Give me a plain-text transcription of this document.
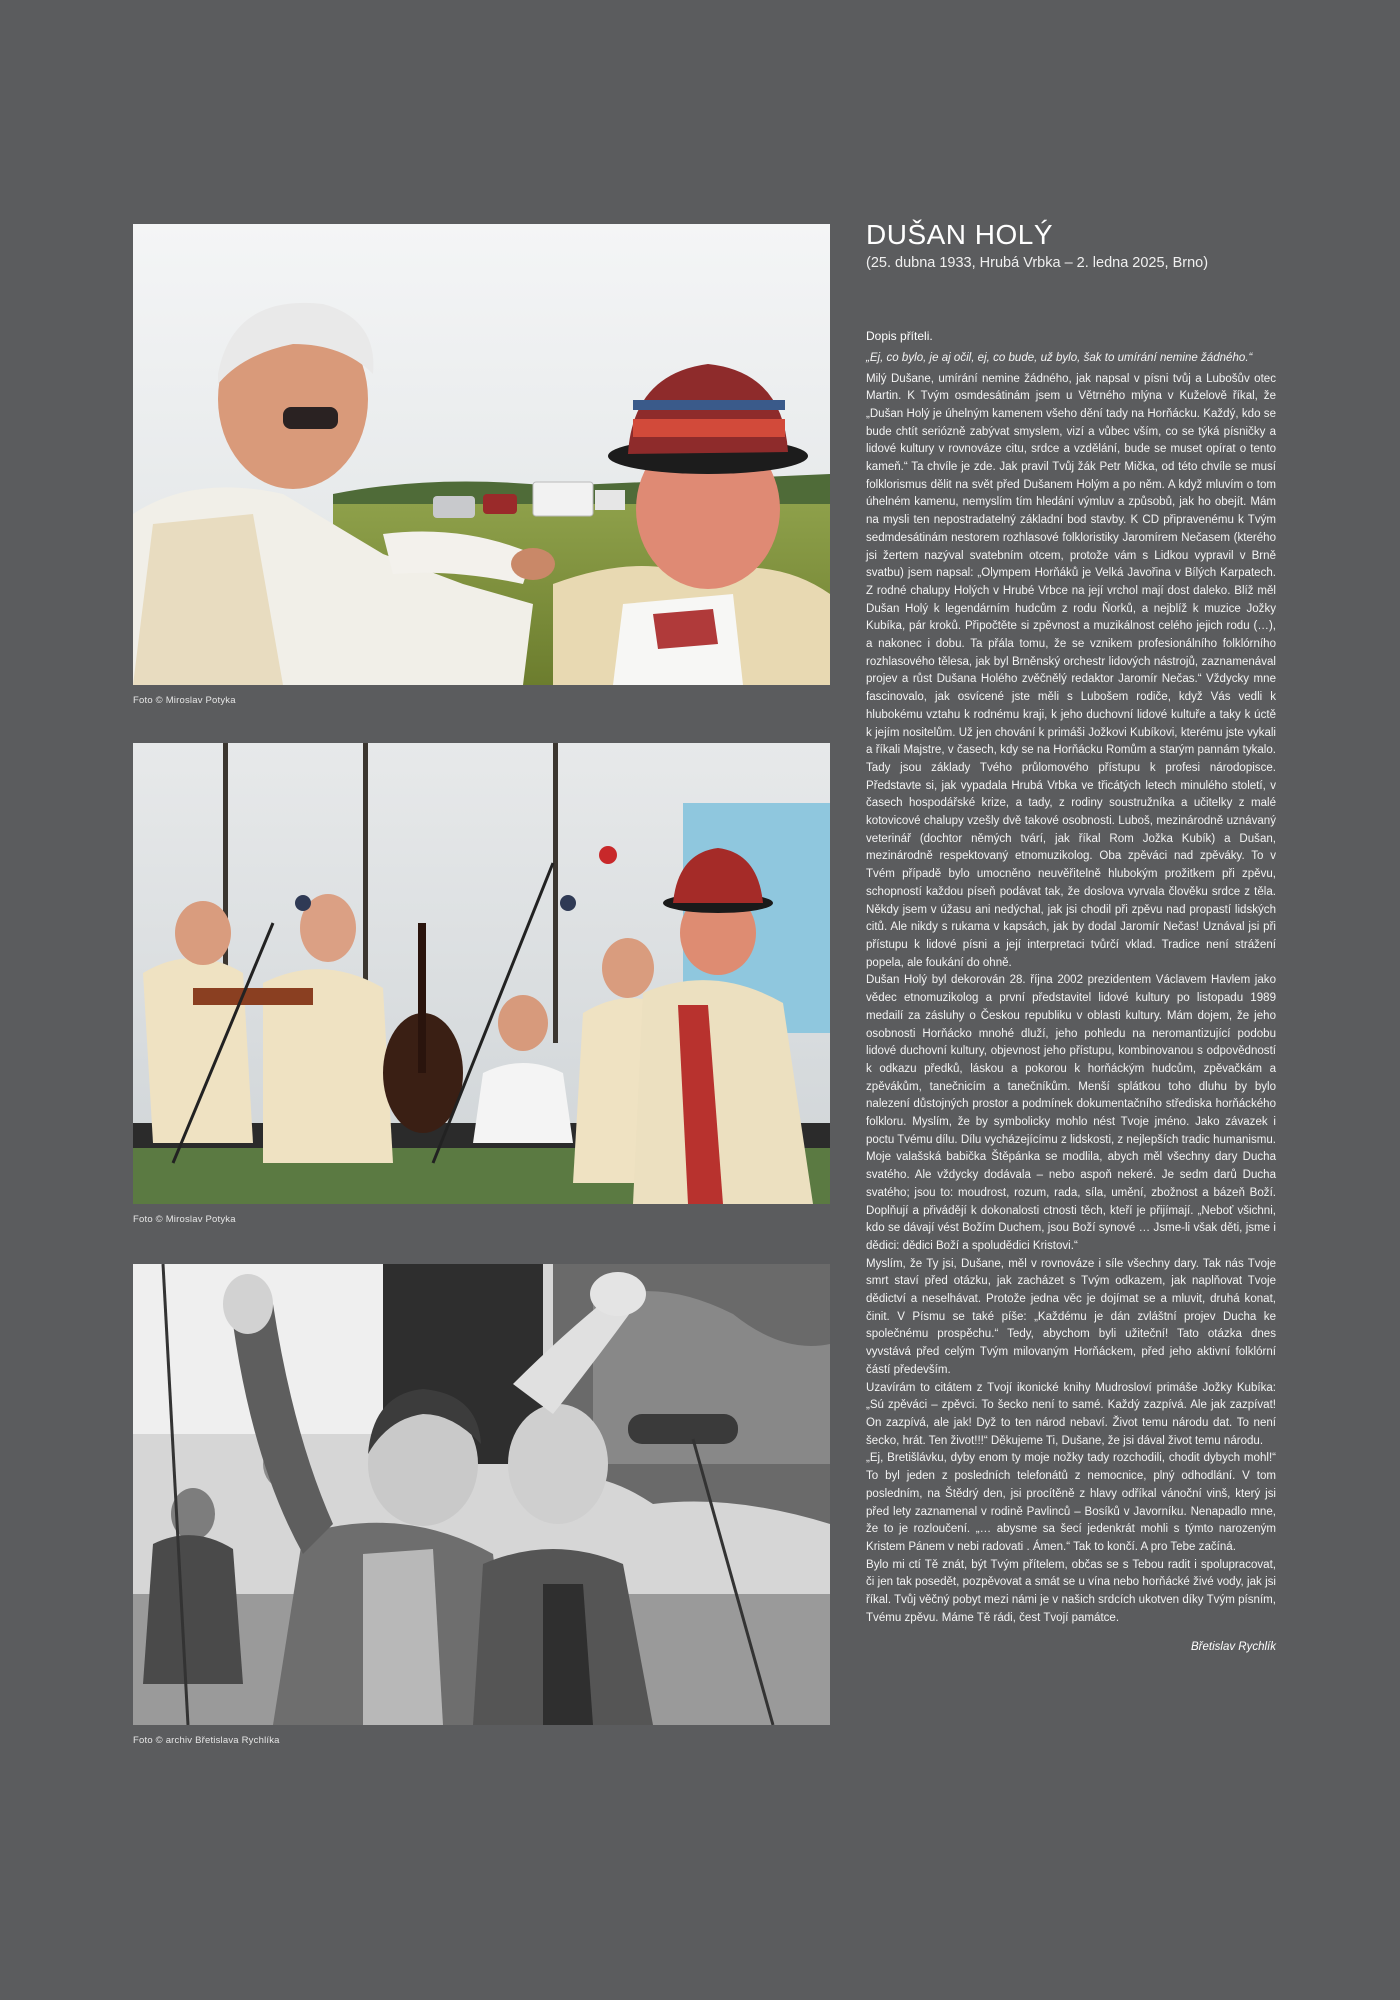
Foto © Miroslav Potyka
Foto © Miroslav Potyka
Foto © archiv Břetislava Rychlíka
DUŠAN HOLÝ
(25. dubna 1933, Hrubá Vrbka – 2. ledna 2025, Brno)
Dopis příteli.

„Ej, co bylo, je aj očil, ej, co bude, už bylo, šak to umírání nemine žádného.“

Milý Dušane, umírání nemine žádného, jak napsal v písni tvůj a Lubošův otec Martin. K Tvým osmdesátinám jsem u Větrného mlýna v Kuželově říkal, že „Dušan Holý je úhelným kamenem všeho dění tady na Horňácku. Každý, kdo se bude chtít seriózně zabývat smyslem, vizí a vůbec vším, co se týká písničky a lidové kultury v rovnováze citu, srdce a vzdělání, bude se muset opírat o tento kameň.“ Ta chvíle je zde. Jak pravil Tvůj žák Petr Mička, od této chvíle se musí folklorismus dělit na svět před Dušanem Holým a po něm. A když mluvím o tom úhelném kamenu, nemyslím tím hledání výmluv a způsobů, jak ho obejít. Mám na mysli ten nepostradatelný základní bod stavby. K CD připravenému k Tvým sedmdesátinám nestorem rozhlasové folkloristiky Jaromírem Nečasem (kterého jsi žertem nazýval svatebním otcem, protože vám s Lidkou vypravil v Brně svatbu) jsem napsal: „Olympem Horňáků je Velká Javořina v Bílých Karpatech. Z rodné chalupy Holých v Hrubé Vrbce na její vrchol mají dost daleko. Blíž měl Dušan Holý k legendárním hudcům z rodu Ňorků, a nejblíž k muzice Jožky Kubíka, pár kroků. Připočtěte si zpěvnost a muzikálnost celého jejich rodu (…), a nakonec i dobu. Ta přála tomu, že se vznikem profesionálního folklórního rozhlasového tělesa, jak byl Brněnský orchestr lidových nástrojů, zaznamenával projev a růst Dušana Holého zvěčnělý redaktor Jaromír Nečas.“ Vždycky mne fascinovalo, jak osvícené jste měli s Lubošem rodiče, když Vás vedli k hlubokému vztahu k rodnému kraji, k jeho duchovní lidové kultuře a taky k úctě k jejím nositelům. Už jen chování k primáši Jožkovi Kubíkovi, kterému jste vykali a říkali Majstre, v časech, kdy se na Horňácku Romům a starým pannám tykalo. Tady jsou základy Tvého průlomového přístupu k profesi národopisce. Představte si, jak vypadala Hrubá Vrbka ve třicátých letech minulého století, v časech hospodářské krize, a tady, z rodiny soustružníka a učitelky z malé kotovicové chalupy vzešly dvě takové osobnosti. Luboš, mezinárodně uznávaný veterinář (dochtor němých tvárí, jak říkal Rom Jožka Kubík) a Dušan, mezinárodně respektovaný etnomuzikolog. Oba zpěváci nad zpěváky. To v Tvém případě bylo umocněno neuvěřitelně hlubokým prožitkem při zpěvu, schopností každou píseň podávat tak, že doslova vyrvala člověku srdce z těla. Někdy jsem v úžasu ani nedýchal, jak jsi chodil při zpěvu nad propastí lidských citů. Ale nikdy s rukama v kapsách, jak by dodal Jaromír Nečas! Uznával jsi při přístupu k lidové písni a její interpretaci tvůrčí vklad. Tradice není strážení popela, ale foukání do ohně.

Dušan Holý byl dekorován 28. října 2002 prezidentem Václavem Havlem jako vědec etnomuzikolog a první představitel lidové kultury po listopadu 1989 medailí za zásluhy o Českou republiku v oblasti kultury. Mám dojem, že jeho osobnosti Horňácko mnohé dluží, jeho pohledu na neromantizující podobu lidové duchovní kultury, objevnost jeho přístupu, kombinovanou s odpovědností k odkazu předků, láskou a pokorou k horňáckým hudcům, zpěvačkám a zpěvákům, tanečnicím a tanečníkům. Menší splátkou toho dluhu by bylo nalezení důstojných prostor a podmínek dokumentačního střediska horňáckého folkloru. Myslím, že by symbolicky mohlo nést Tvoje jméno. Jako závazek i poctu Tvému dílu. Dílu vycházejícímu z lidskosti, z nejlepších tradic humanismu. Moje valašská babička Štěpánka se modlila, abych měl všechny dary Ducha svatého. Ale vždycky dodávala – nebo aspoň nekeré. Je sedm darů Ducha svatého; jsou to: moudrost, rozum, rada, síla, umění, zbožnost a bázeň Boží. Doplňují a přivádějí k dokonalosti ctnosti těch, kteří je přijímají. „Neboť všichni, kdo se dávají vést Božím Duchem, jsou Boží synové … Jsme-li však děti, jsme i dědici: dědici Boží a spoludědici Kristovi.“

Myslím, že Ty jsi, Dušane, měl v rovnováze i síle všechny dary. Tak nás Tvoje smrt staví před otázku, jak zacházet s Tvým odkazem, jak naplňovat Tvoje dědictví a neselhávat. Protože jedna věc je dojímat se a mluvit, druhá konat, činit. V Písmu se také píše: „Každému je dán zvláštní projev Ducha ke společnému prospěchu.“ Tedy, abychom byli užiteční! Tato otázka dnes vyvstává před celým Tvým milovaným Horňáckem, před jeho aktivní folklórní částí především.

Uzavírám to citátem z Tvojí ikonické knihy Mudrosloví primáše Jožky Kubíka: „Sú zpěváci – zpěvci. To šecko není to samé. Každý zazpívá. Ale jak zazpívat! On zazpívá, ale jak! Dyž to ten národ nebaví. Život temu národu dat. To není šecko, hrát. Ten život!!!“ Děkujeme Ti, Dušane, že jsi dával život temu národu.

„Ej, Bretišlávku, dyby enom ty moje nožky tady rozchodili, chodit dybych mohl!“ To byl jeden z posledních telefonátů z nemocnice, plný odhodlání. V tom posledním, na Štědrý den, jsi procítěně z hlavy odříkal vánoční vinš, který jsi před lety zaznamenal v rodině Pavlinců – Bosíků v Javorníku. Nenapadlo mne, že to je rozloučení. „… abysme sa šecí jedenkrát mohli s týmto narozeným Kristem Pánem v nebi radovati . Ámen.“ Tak to končí. A pro Tebe začíná.

Bylo mi ctí Tě znát, být Tvým přítelem, občas se s Tebou radit i spolupracovat, či jen tak posedět, pozpěvovat a smát se u vína nebo horňácké živé vody, jak jsi říkal. Tvůj věčný pobyt mezi námi je v našich srdcích ukotven díky Tvým písním, Tvému zpěvu. Máme Tě rádi, čest Tvojí památce.

Břetislav Rychlík
